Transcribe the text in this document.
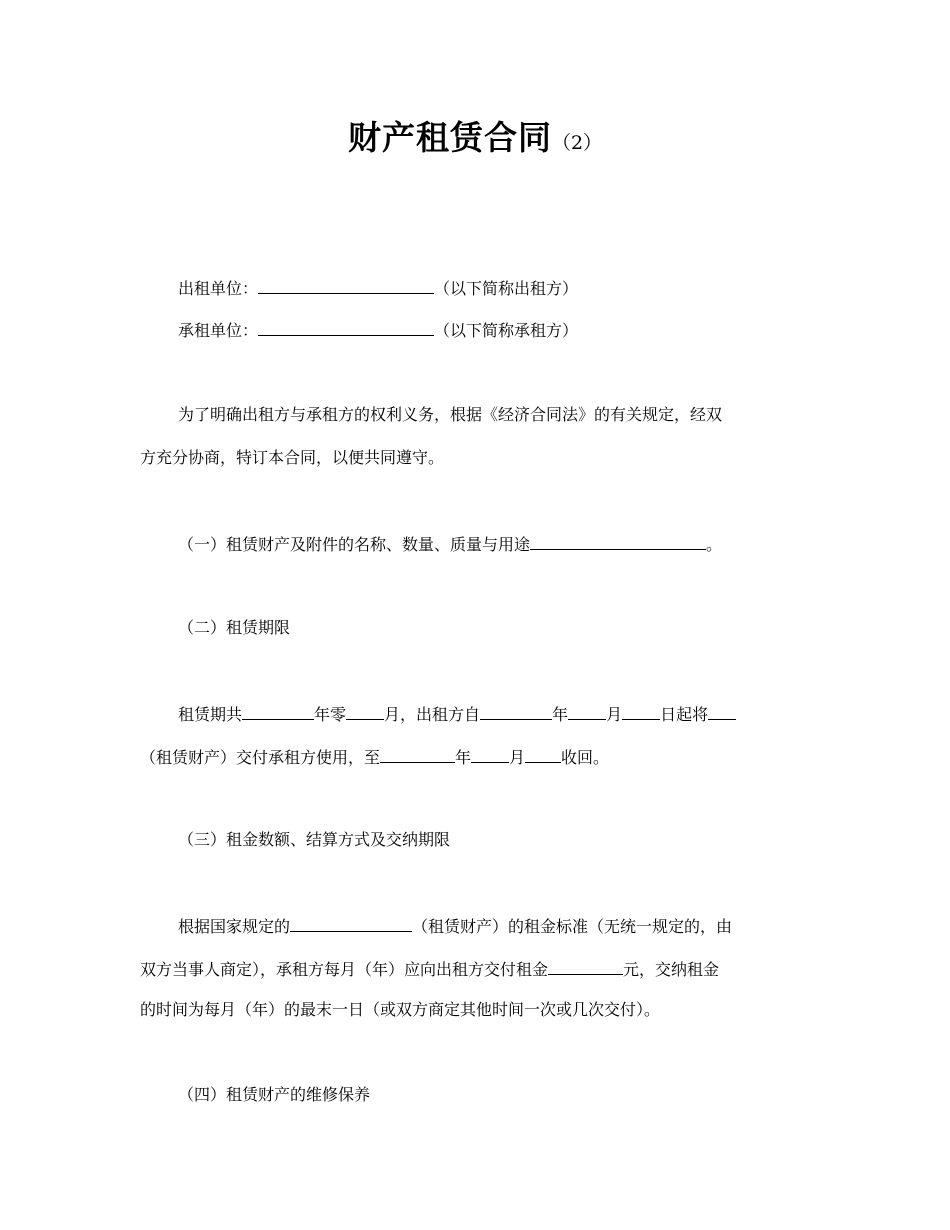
财产租赁合同（2）
出租单位：	（以下简称出租方）
承租单位：	（以下简称承租方）
为了明确出租方与承租方的权利义务，根据《经济合同法》的有关规定，经双
方充分协商，特订本合同，以便共同遵守。
（一）租赁财产及附件的名称、数量、质量与用途	。
（二）租赁期限
租赁期共	年零 月，出租方自	年 月 日起将
（租赁财产）交付承租方使用，至	年 月 收回。
（三）租金数额、结算方式及交纳期限
根据国家规定的	（租赁财产）的租金标准（无统一规定的，由
双方当事人商定），承租方每月（年）应向出租方交付租金	元，交纳租金
的时间为每月（年）的最末一日（或双方商定其他时间一次或几次交付）。
（四）租赁财产的维修保养
